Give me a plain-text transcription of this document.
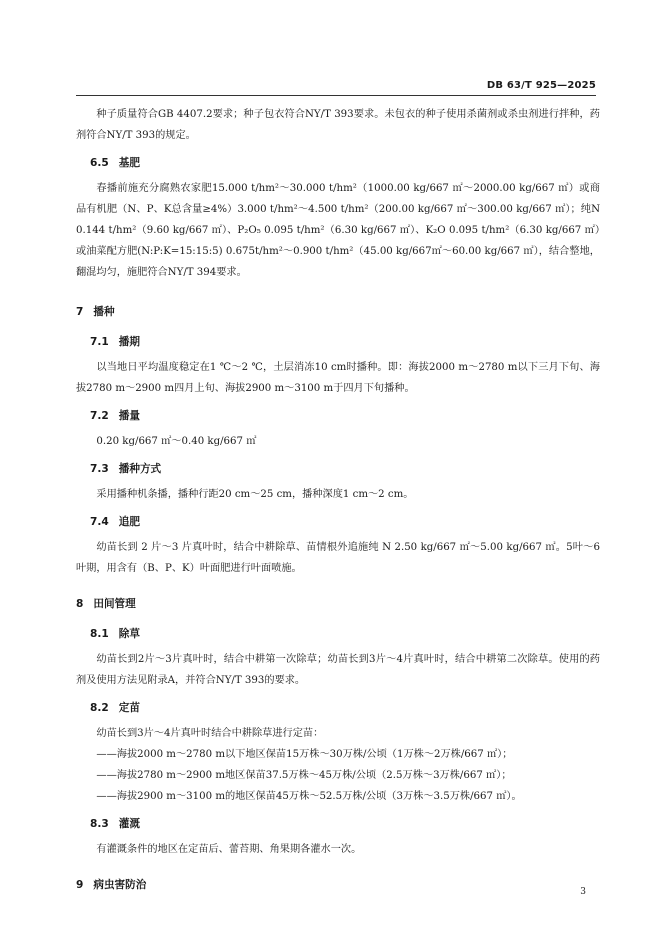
DB 63/T 925—2025

种子质量符合GB 4407.2要求；种子包衣符合NY/T 393要求。未包衣的种子使用杀菌剂或杀虫剂进行拌种，药剂符合NY/T 393的规定。

6.5 基肥

春播前施充分腐熟农家肥15.000 t/hm²～30.000 t/hm²（1000.00 kg/667 ㎡～2000.00 kg/667 ㎡）或商品有机肥（N、P、K总含量≥4%）3.000 t/hm²～4.500 t/hm²（200.00 kg/667 ㎡～300.00 kg/667 ㎡）；纯N 0.144 t/hm²（9.60 kg/667 ㎡）、P₂O₅ 0.095 t/hm²（6.30 kg/667 ㎡）、K₂O 0.095 t/hm²（6.30 kg/667 ㎡）或油菜配方肥(N:P:K=15:15:5) 0.675t/hm²～0.900 t/hm²（45.00 kg/667㎡～60.00 kg/667 ㎡），结合整地，翻混均匀，施肥符合NY/T 394要求。

7 播种
7.1 播期

以当地日平均温度稳定在1 ℃～2 ℃，土层消冻10 cm时播种。即：海拔2000 m～2780 m以下三月下旬、海拔2780 m～2900 m四月上旬、海拔2900 m～3100 m于四月下旬播种。

7.2 播量

0.20 kg/667 ㎡～0.40 kg/667 ㎡

7.3 播种方式

采用播种机条播，播种行距20 cm～25 cm，播种深度1 cm～2 cm。

7.4 追肥

幼苗长到 2 片～3 片真叶时，结合中耕除草、苗情根外追施纯 N 2.50 kg/667 ㎡～5.00 kg/667 ㎡。5叶～6 叶期，用含有（B、P、K）叶面肥进行叶面喷施。

8 田间管理
8.1 除草

幼苗长到2片～3片真叶时，结合中耕第一次除草；幼苗长到3片～4片真叶时，结合中耕第二次除草。使用的药剂及使用方法见附录A，并符合NY/T 393的要求。

8.2 定苗

幼苗长到3片～4片真叶时结合中耕除草进行定苗：

——海拔2000 m～2780 m以下地区保苗15万株～30万株/公顷（1万株～2万株/667 ㎡）；
——海拔2780 m～2900 m地区保苗37.5万株～45万株/公顷（2.5万株～3万株/667 ㎡）；
——海拔2900 m～3100 m的地区保苗45万株～52.5万株/公顷（3万株～3.5万株/667 ㎡）。
8.3 灌溉

有灌溉条件的地区在定苗后、蕾苔期、角果期各灌水一次。

9 病虫害防治
3
